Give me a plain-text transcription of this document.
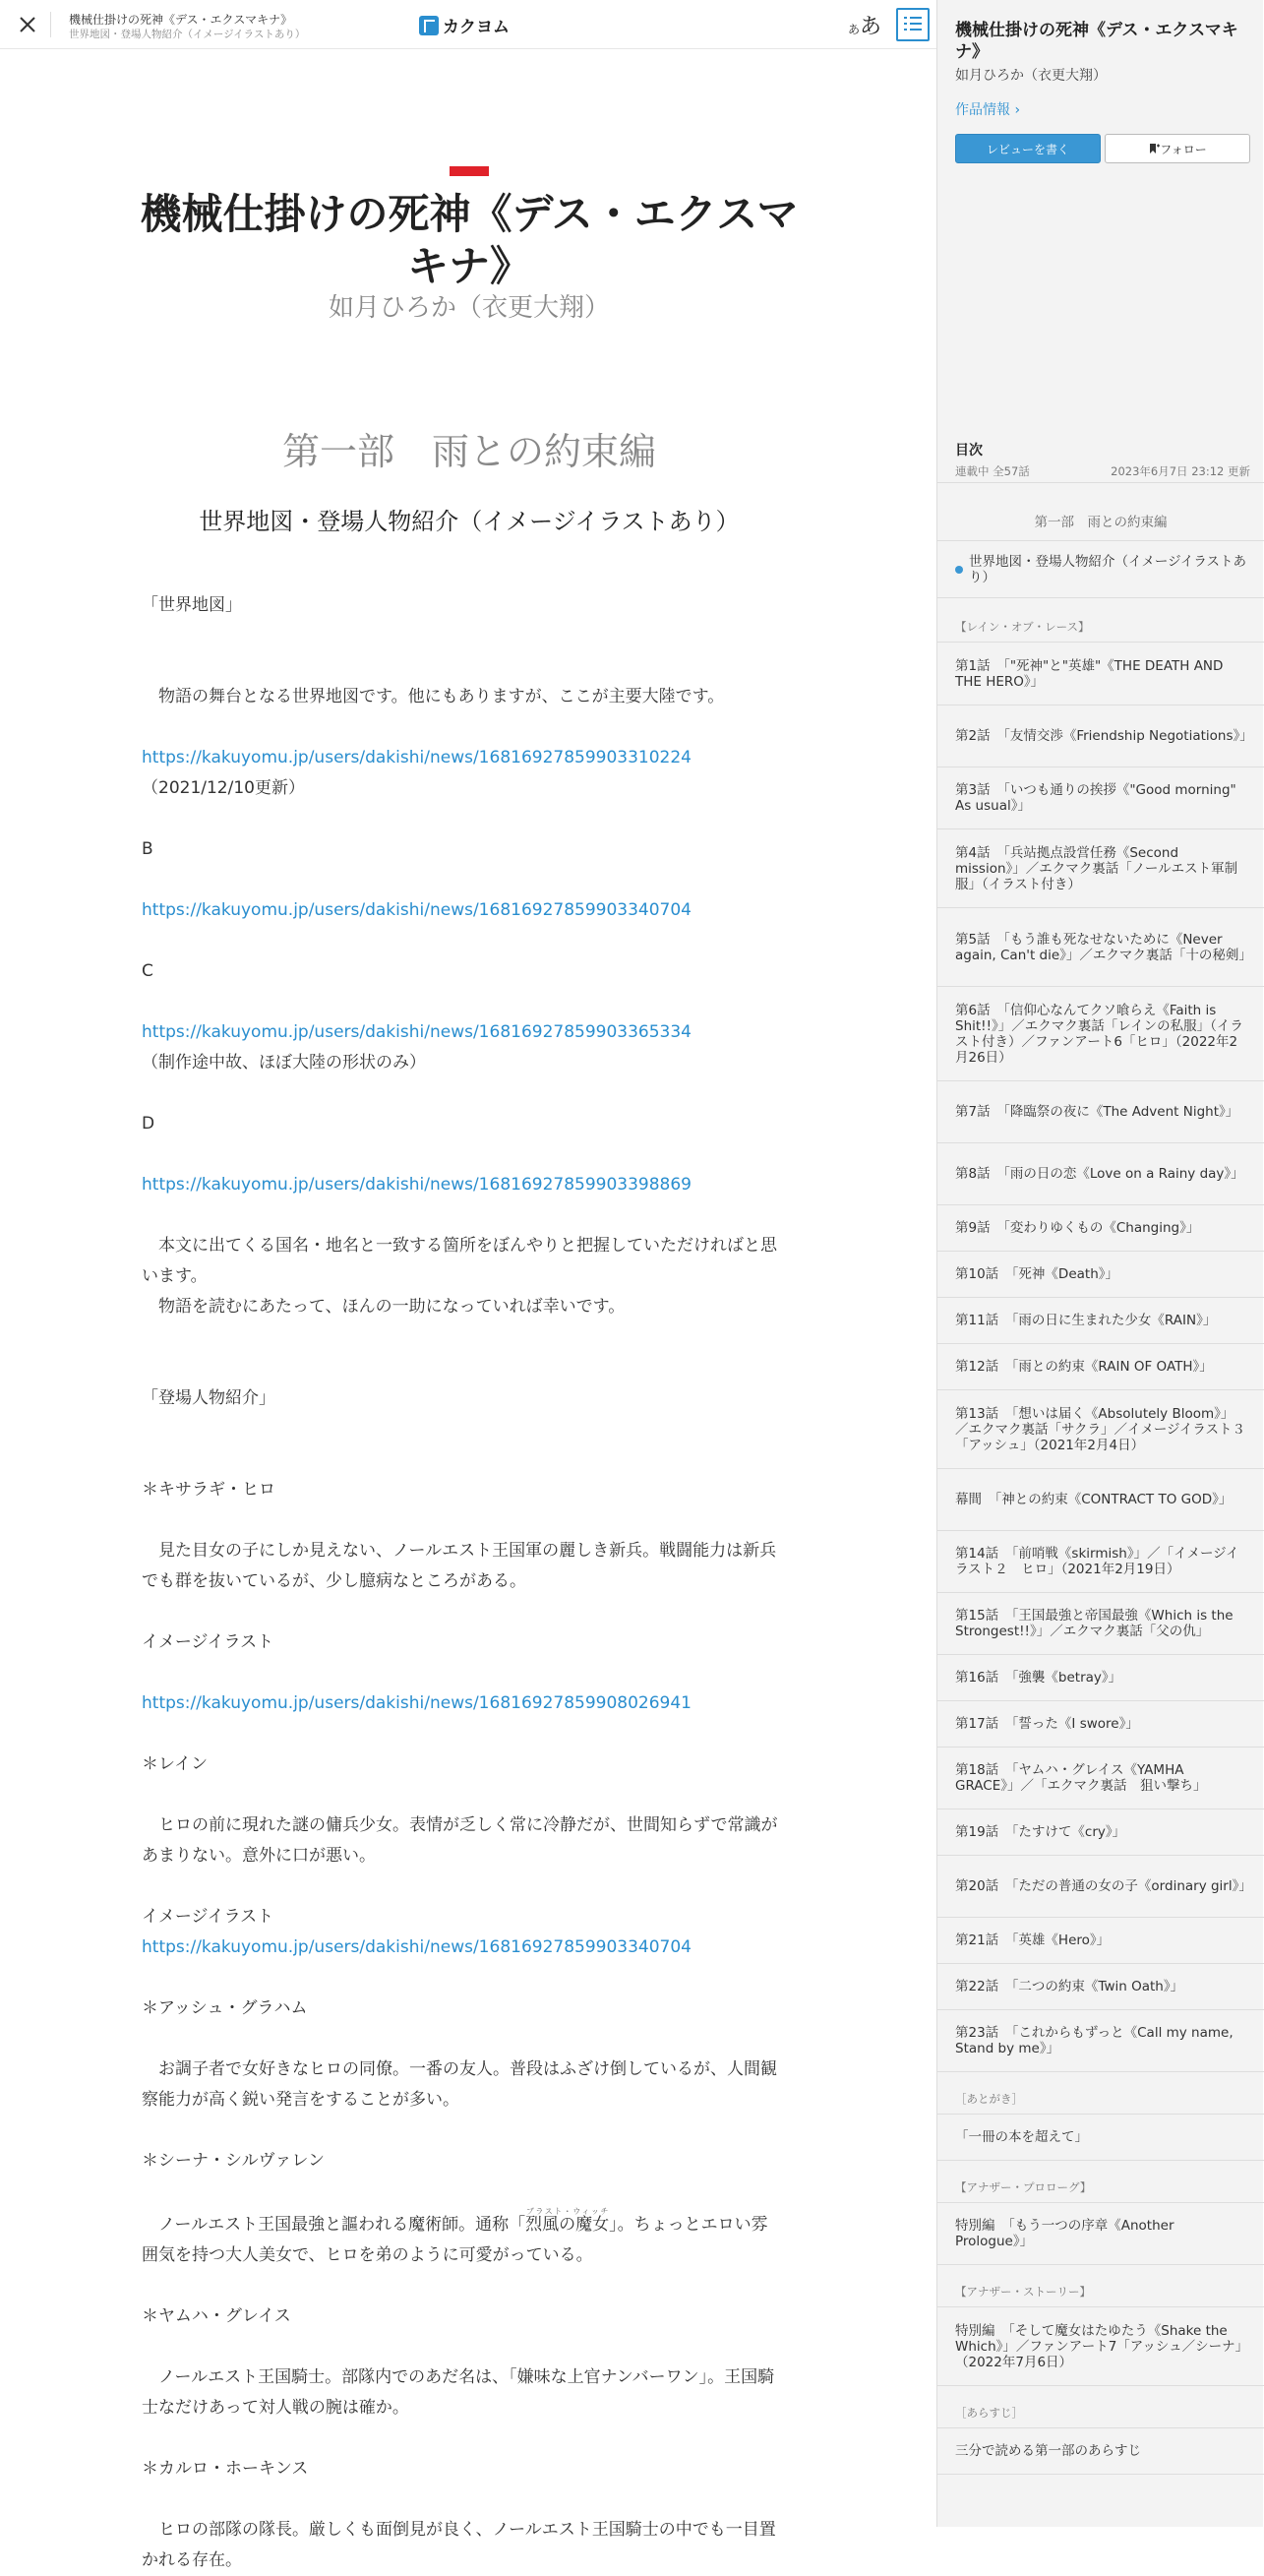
機械仕掛けの死神《デス・エクスマキナ》
世界地図・登場人物紹介（イメージイラストあり）	カクヨム	ああ
機械仕掛けの死神《デス・エクスマキナ》
如月ひろか（衣更大翔）
第一部　雨との約束編
世界地図・登場人物紹介（イメージイラストあり）

「世界地図」

　物語の舞台となる世界地図です。他にもありますが、ここが主要大陸です。

https://kakuyomu.jp/users/dakishi/news/16816927859903310224

（2021/12/10更新）

B

https://kakuyomu.jp/users/dakishi/news/16816927859903340704

C

https://kakuyomu.jp/users/dakishi/news/16816927859903365334

（制作途中故、ほぼ大陸の形状のみ）

D

https://kakuyomu.jp/users/dakishi/news/16816927859903398869

　本文に出てくる国名・地名と一致する箇所をぼんやりと把握していただければと思います。

　物語を読むにあたって、ほんの一助になっていれば幸いです。

「登場人物紹介」

＊キサラギ・ヒロ

　見た目女の子にしか見えない、ノールエスト王国軍の麗しき新兵。戦闘能力は新兵でも群を抜いているが、少し臆病なところがある。

イメージイラスト

https://kakuyomu.jp/users/dakishi/news/16816927859908026941

＊レイン

　ヒロの前に現れた謎の傭兵少女。表情が乏しく常に冷静だが、世間知らずで常識があまりない。意外に口が悪い。

イメージイラスト

https://kakuyomu.jp/users/dakishi/news/16816927859903340704

＊アッシュ・グラハム

　お調子者で女好きなヒロの同僚。一番の友人。普段はふざけ倒しているが、人間観察能力が高く鋭い発言をすることが多い。

＊シーナ・シルヴァレン

　ノールエスト王国最強と謳われる魔術師。通称「烈風の魔女ブラスト・ウィッチ」。ちょっとエロい雰囲気を持つ大人美女で、ヒロを弟のように可愛がっている。

＊ヤムハ・グレイス

　ノールエスト王国騎士。部隊内でのあだ名は、「嫌味な上官ナンバーワン」。王国騎士なだけあって対人戦の腕は確か。

＊カルロ・ホーキンス

　ヒロの部隊の隊長。厳しくも面倒見が良く、ノールエスト王国騎士の中でも一目置かれる存在。

機械仕掛けの死神《デス・エクスマキナ》
如月ひろか（衣更大翔）
作品情報 ›
レビューを書く	フォロー
目次
連載中 全57話	2023年6月7日 23:12 更新
第一部　雨との約束編
世界地図・登場人物紹介（イメージイラストあり）
【レイン・オブ・レース】
第1話　「"死神"と"英雄"《THE DEATH AND THE HERO》」
第2話　「友情交渉《Friendship Negotiations》」
第3話　「いつも通りの挨拶《"Good morning" As usual》」
第4話　「兵站拠点設営任務《Second mission》」／エクマク裏話「ノールエスト軍制服」（イラスト付き）
第5話　「もう誰も死なせないために《Never again, Can't die》」／エクマク裏話「十の秘剣」
第6話　「信仰心なんてクソ喰らえ《Faith is Shit!!》」／エクマク裏話「レインの私服」（イラスト付き）／ファンアート6「ヒロ」（2022年2月26日）
第7話　「降臨祭の夜に《The Advent Night》」
第8話　「雨の日の恋《Love on a Rainy day》」
第9話　「変わりゆくもの《Changing》」
第10話　「死神《Death》」
第11話　「雨の日に生まれた少女《RAIN》」
第12話　「雨との約束《RAIN OF OATH》」
第13話　「想いは届く《Absolutely Bloom》」／エクマク裏話「サクラ」／イメージイラスト３「アッシュ」（2021年2月4日）
幕間　「神との約束《CONTRACT TO GOD》」
第14話　「前哨戦《skirmish》」／「イメージイラスト２　ヒロ」（2021年2月19日）
第15話　「王国最強と帝国最強《Which is the Strongest!!》」／エクマク裏話「父の仇」
第16話　「強襲《betray》」
第17話　「誓った《I swore》」
第18話　「ヤムハ・グレイス《YAMHA GRACE》」／「エクマク裏話　狙い撃ち」
第19話　「たすけて《cry》」
第20話　「ただの普通の女の子《ordinary girl》」
第21話　「英雄《Hero》」
第22話　「二つの約束《Twin Oath》」
第23話　「これからもずっと《Call my name, Stand by me》」
［あとがき］
「一冊の本を超えて」
【アナザー・プロローグ】
特別編　「もう一つの序章《Another Prologue》」
【アナザー・ストーリー】
特別編　「そして魔女はたゆたう《Shake the Which》」／ファンアート7「アッシュ／シーナ」（2022年7月6日）
［あらすじ］
三分で読める第一部のあらすじ
